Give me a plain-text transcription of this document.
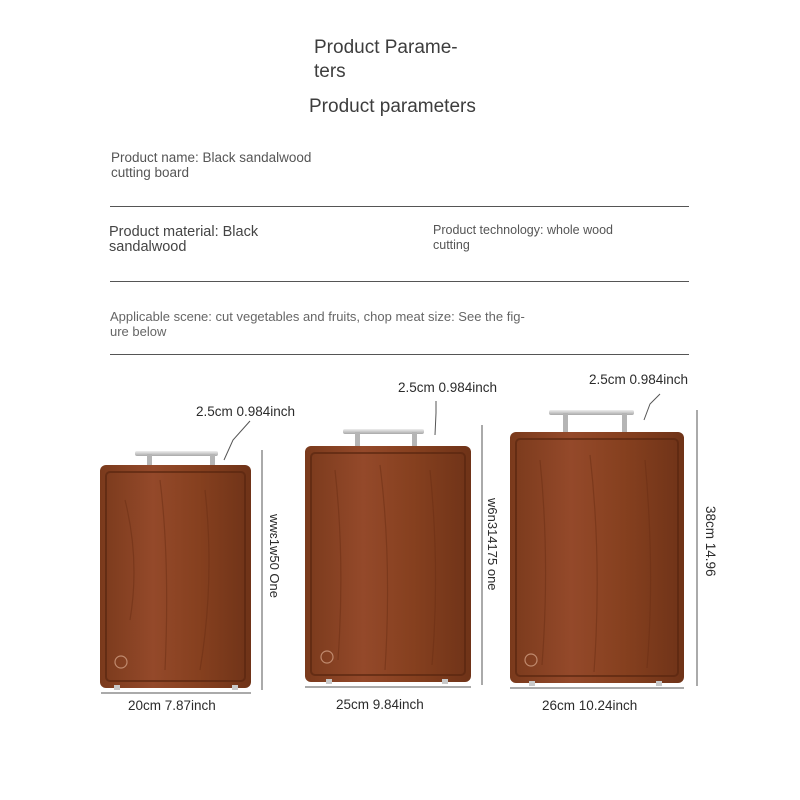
Product Parame-
ters
Product parameters
Product name: Black sandalwood
cutting board
Product material: Black
sandalwood
Product technology: whole wood
cutting
Applicable scene: cut vegetables and fruits, chop meat size: See the fig-
ure below
2.5cm 0.984inch
2.5cm 0.984inch
2.5cm 0.984inch
20cm 7.87inch	25cm 9.84inch	26cm 10.24inch
wwɛ1w50 One	w6n314175 one	38cm 14.96
